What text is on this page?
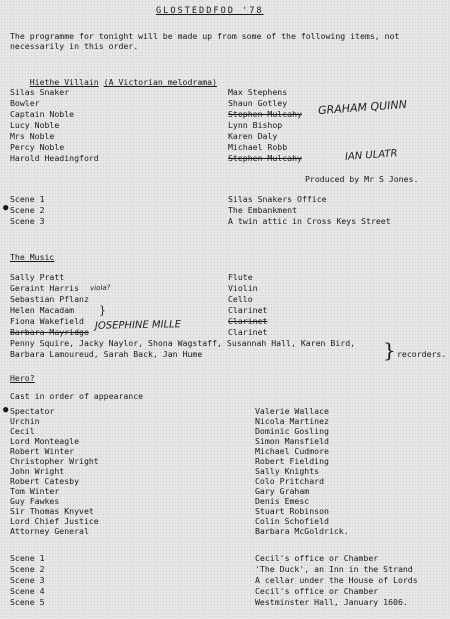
GLOSTEDDFOD '78
The programme for tonight will be made up from some of the following items, not
necessarily in this order.

Hiethe Villain (A Victorian melodrama)

Silas Snaker	Max Stephens
Bowler	Shaun Gotley
Captain Noble	Stephen Mulcahy
Lucy Noble	Lynn Bishop
Mrs Noble	Karen Daly
Percy Noble	Michael Robb
Harold Headingford	Stephen Mulcahy
GRAHAM QUINN
IAN ULATR
Produced by Mr S Jones.
Scene 1	Silas Snakers Office
● Scene 2	The Embankment
Scene 3	A twin attic in Cross Keys Street
The Music
Sally Pratt	Flute
Geraint Harris	Violin
viola?
Sebastian Pflanz	Cello
Helen Macadam	Clarinet
Fiona Wakefield	Clarinet
Barbara Mayridge	Clarinet
JOSEPHINE MILLE
}
Penny Squire, Jacky Naylor, Shona Wagstaff, Susannah Hall, Karen Bird,
Barbara Lamoureud, Sarah Back, Jan Hume	} recorders.
Hero?
Cast in order of appearance
● Spectator	Valerie Wallace
Urchin	Nicola Martinez
Cecil	Dominic Gosling
Lord Monteagle	Simon Mansfield
Robert Winter	Michael Cudmore
Christopher Wright	Robert Fielding
John Wright	Sally Knights
Robert Catesby	Colo Pritchard
Tom Winter	Gary Graham
Guy Fawkes	Denis Emesc
Sir Thomas Knyvet	Stuart Robinson
Lord Chief Justice	Colin Schofield
Attorney General	Barbara McGoldrick.
Scene 1	Cecil's office or Chamber
Scene 2	'The Duck', an Inn in the Strand
Scene 3	A cellar under the House of Lords
Scene 4	Cecil's office or Chamber
Scene 5	Westminster Hall, January 1606.
